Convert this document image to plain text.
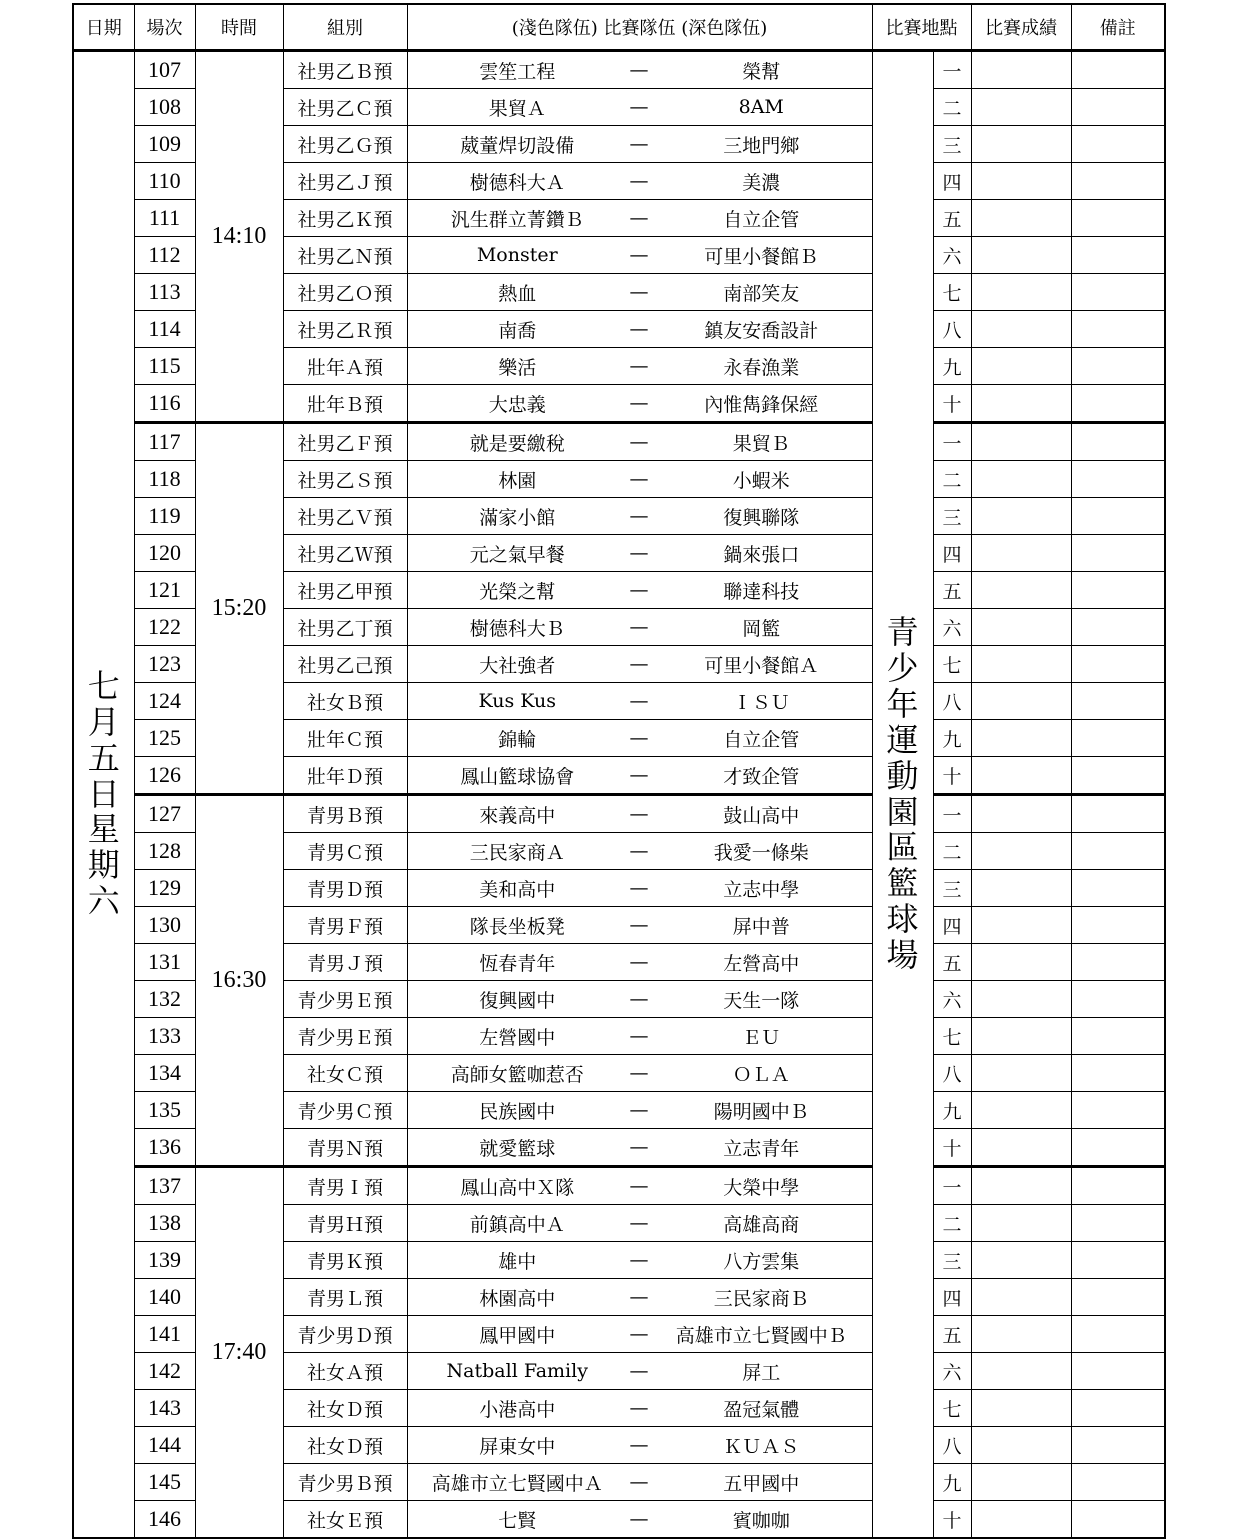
日期	場次	時間	組別	(淺色隊伍) 比賽隊伍 (深色隊伍)			比賽地點		比賽成績	備註
七月五日星期六	107	14:10	社男乙Ｂ預	雲笙工程	—	榮幫	青少年運動園區籃球場	一		
	108		社男乙Ｃ預	果貿Ａ	—	8AM		二		
	109		社男乙Ｇ預	葳蕫焊切設備	—	三地門鄉		三		
	110		社男乙Ｊ預	樹德科大Ａ	—	美濃		四		
	111		社男乙Ｋ預	汎生群立菁鑽Ｂ	—	自立企管		五		
	112		社男乙Ｎ預	Monster	—	可里小餐館Ｂ		六		
	113		社男乙Ｏ預	熱血	—	南部笑友		七		
	114		社男乙Ｒ預	南喬	—	鎮友安喬設計		八		
	115		壯年Ａ預	樂活	—	永春漁業		九		
	116		壯年Ｂ預	大忠義	—	內惟雋鋒保經		十		
	117	15:20	社男乙Ｆ預	就是要繳稅	—	果貿Ｂ		一		
	118		社男乙Ｓ預	林園	—	小蝦米		二		
	119		社男乙Ｖ預	滿家小館	—	復興聯隊		三		
	120		社男乙Ｗ預	元之氣早餐	—	鍋來張口		四		
	121		社男乙甲預	光榮之幫	—	聯達科技		五		
	122		社男乙丁預	樹德科大Ｂ	—	岡籃		六		
	123		社男乙己預	大社強者	—	可里小餐館Ａ		七		
	124		社女Ｂ預	Kus Kus	—	ＩＳＵ		八		
	125		壯年Ｃ預	錦輪	—	自立企管		九		
	126		壯年Ｄ預	鳳山籃球協會	—	才致企管		十		
	127	16:30	青男Ｂ預	來義高中	—	鼓山高中		一		
	128		青男Ｃ預	三民家商Ａ	—	我愛一條柴		二		
	129		青男Ｄ預	美和高中	—	立志中學		三		
	130		青男Ｆ預	隊長坐板凳	—	屏中普		四		
	131		青男Ｊ預	恆春青年	—	左營高中		五		
	132		青少男Ｅ預	復興國中	—	天生一隊		六		
	133		青少男Ｅ預	左營國中	—	ＥＵ		七		
	134		社女Ｃ預	高師女籃咖惹否	—	ＯＬＡ		八		
	135		青少男Ｃ預	民族國中	—	陽明國中Ｂ		九		
	136		青男Ｎ預	就愛籃球	—	立志青年		十		
	137	17:40	青男Ｉ預	鳳山高中Ｘ隊	—	大榮中學		一		
	138		青男Ｈ預	前鎮高中Ａ	—	高雄高商		二		
	139		青男Ｋ預	雄中	—	八方雲集		三		
	140		青男Ｌ預	林園高中	—	三民家商Ｂ		四		
	141		青少男Ｄ預	鳳甲國中	—	高雄市立七賢國中Ｂ		五		
	142		社女Ａ預	Natball Family	—	屏工		六		
	143		社女Ｄ預	小港高中	—	盈冠氣體		七		
	144		社女Ｄ預	屏東女中	—	ＫＵＡＳ		八		
	145		青少男Ｂ預	高雄市立七賢國中Ａ	—	五甲國中		九		
	146		社女Ｅ預	七賢	—	賓咖咖		十		
